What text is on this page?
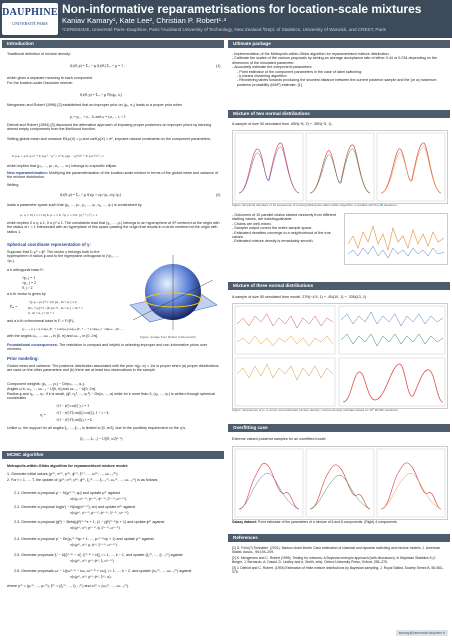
DAUPHINE
UNIVERSITÉ PARIS
Non-informative reparametrisations for location-scale mixtures
Kaniav Kamary¹, Kate Lee², Christian P. Robert¹·³
¹CEREMADE, Université Paris–Dauphine, Paris ²Auckland University of Technology, New Zealand ³Dept. of Statistics, University of Warwick, and CREST, Paris
Introduction
Traditional definition of mixture density:
f(x|θ, p) = Σᵢ₌₁ᵏ pᵢ f(x|θᵢ) Σᵢ₌₁ᵏ pᵢ = 1 .	(1)
which gives a separate meaning to each component.
For the location-scale Gaussian mixture:
f(x|θ, p) = Σᵢ₌₁ᵏ pᵢ N(x|μᵢ, σᵢ)
Mengersen and Robert (1996) [2] established that an improper prior on (μ₁, σ₁) leads to a proper prior when
μᵢ = μᵢ₋₁ + σᵢ₋₁δᵢ and σᵢ = τᵢσᵢ₋₁, τᵢ < 1
Diebolt and Robert (1994) [3] discussed the alternative approach of imposing proper posteriors on improper priors by banning almost empty components from the likelihood function.
Setting global mean and variance Eθ,p(X) = μ and varθ,p(X) = σ², imposes natural constraints on the component parameters;
Σᵢ pᵢμᵢ = μ Σᵢ pᵢσᵢ² + Σᵢ pᵢμᵢ² − μ² = σ² Σᵢ pᵢ(μᵢ − μ)²/σ² + Σᵢ pᵢσᵢ²/σ² = 1
which implies that (μ₁, ..., μₖ, σ₁, ..., σₖ) belongs to a specific ellipse.
New reparametrisation: Modifying the parameterisation of the location-scale mixture in terms of the global mean and variance of the mixture distribution.
Writing
f(x|θ, p) = Σᵢ₌₁ᵏ pᵢ f(x|μ + σγᵢ/√pᵢ, σηᵢ/√pᵢ)	(2)
leads a parameter space such that (p₁, ..., pₖ, γ₁, ..., γₖ, η₁, ..., ηₖ) is constrained by
pᵢ, ηᵢ ≥ 0 (1 ≤ i ≤ k) Σᵢ pᵢ = 1 Σᵢ √pᵢ γᵢ = 0 Σᵢ {ηᵢ² + γᵢ²} = 1
which implies 0 ≤ ηᵢ ≤ 1, 0 ≤ γᵢ² ≤ 1. The constraints lead that (γ₁, ..., γₖ) belongs to an hypersphere of ℝᵏ centered at the origin with the radius of r = 1 intersected with an hyperplane of this space passing the origin that results in a circle centered at the origin with radius 1.
Spherical coordinate representation of γ:
Suppose that Σᵢ γᵢ² = ϕ². The vector γ belongs both to the hypersphere of radius ϕ and to the hyperplane orthogonal to (√p₁, ..., √pₖ).
a k orthogonal base Fᵢ:
√pᵢ, j = 1
√p₂, j = 2
0, j > 2
Figure: (image from Robert Calzonovich)
a k-th vector is given by
F̃ₘ =
−(p₁p₂...pₖ)^½ / (Σₗ pₗ) , m < k, j ≤ k
(Σₗ₌₁ᵏ pₗ)^½ / (Σ pₗ)^½ , m < k, j = m + 1
0 , m < k, j > m + 1
and a k-th orthonormal base is Fᵢ = Fᵢ/|Fᵢ|.
(γ₁, ..., γₖ) = ϕ cos(ω₁)F₁ + ϕ sin(ω₁)cos(ω₂)F₂ + ... + ϕ sin(ω₁)···sin(ωₖ₋₂)Fₖ₋₁
with the angles ω₁, ..., ωₖ₋₃ in [0, π] and ωₖ₋₂ in [0, 2π].
Foundational consequences: The restriction is compact and helpful in selecting improper and non-informative priors over mixtures.
Prior modeling:
Global mean and variance: The posterior distribution associated with the prior π(μ, σ) = 1/σ is proper when (a) proper distributions are used on the other parameters and (b) there are at least two observations in the sample.
Component weights: (p₁, ..., pₖ) ~ Dir(α₀, ..., α₀).
Angles ω's: ω₁, ..., ωₖ₋₃ ~ U[0, π] and ωₖ₋₂ ~ U[0, 2π].
Radius ϕ and η₁, ..., ηₖ: if k is small, (ϕ², η₁², ..., ηₖ²) ~ Dir(α, ..., α) while for k more than 3, (η₁, ..., ηₖ) is written through spherical coordinates
ηᵢ =
√(1 − ϕ²) cos(ξ₁), i = 1
√(1 − ϕ²) Πⱼ sin(ξⱼ) cos(ξᵢ), 1 < i < k
√(1 − ϕ²) Πⱼ sin(ξⱼ), i = k
Unlike ω, the support for all angles ξ₁, ..., ξₖ₋₁ is limited to [0, π/2], due to the positivity requirement on the ηᵢ's.
(ξ₁, ..., ξₖ₋₁) ~ U([0, π/2]ᵏ⁻¹)
MCMC algorithm
Metropolis-within-Gibbs algorithm for reparametrised mixture model:
1. Generate initial values (μ⁽⁰⁾, σ⁽⁰⁾, p⁽⁰⁾, ϕ⁽⁰⁾, ξ⁽⁰⁾, ..., ω⁽⁰⁾, ..., ωₖ₋₂⁽⁰⁾).
2. For t = 1, ..., T, the update of (μ⁽ᵗ⁾, σ⁽ᵗ⁾, p⁽ᵗ⁾, ϕ⁽ᵗ⁾, ξ₁⁽ᵗ⁾, ..., ξₖ₋₁⁽ᵗ⁾, ω₁⁽ᵗ⁾, ..., ωₖ₋₂⁽ᵗ⁾) is as follows;
2.1. Generate a proposal μ′ ~ N(μ⁽ᵗ⁻¹⁾, εμ) and update μ⁽ᵗ⁾ against
π(x|μ, σ⁽ᵗ⁻¹⁾, p⁽ᵗ⁻¹⁾, ϕ⁽ᵗ⁻¹⁾, ξ⁽ᵗ⁻¹⁾, ω⁽ᵗ⁻¹⁾).
2.2. Generate a proposal log(σ′) ~ N(log(σ⁽ᵗ⁻¹⁾), εσ) and update σ⁽ᵗ⁾ against
π(x|μ⁽ᵗ⁾, σ⁽ᵗ⁻¹⁾, p⁽ᵗ⁻¹⁾, ϕ⁽ᵗ⁻¹⁾, ξ⁽ᵗ⁻¹⁾, ω⁽ᵗ⁻¹⁾).
2.3. Generate a proposal (ϕ²)′ ~ Beta((ϕ²)⁽ᵗ⁻¹⁾ε + 1, (1 − (ϕ²)⁽ᵗ⁻¹⁾)ε + 1) and update ϕ⁽ᵗ⁾ against
π(x|μ⁽ᵗ⁾, σ⁽ᵗ⁾, p⁽ᵗ⁻¹⁾, ϕ, ξ⁽ᵗ⁻¹⁾, ω⁽ᵗ⁻¹⁾).
2.4. Generate a proposal p′ ~ Dir(p₁⁽ᵗ⁻¹⁾εp + 1, ..., pₖ⁽ᵗ⁻¹⁾εp + 1) and update p⁽ᵗ⁾ against
π(x|μ⁽ᵗ⁾, σ⁽ᵗ⁾, p, ϕ⁽ᵗ⁾, ξ⁽ᵗ⁻¹⁾, ω⁽ᵗ⁻¹⁾).
2.5. Generate proposals ξᵢ′ ~ U[ξᵢ⁽ᵗ⁻¹⁾ − εξ, ξᵢ⁽ᵗ⁻¹⁾ + εξ], i = 1, ..., k − 1, and update (ξ₁⁽ᵗ⁾, ..., ξₖ₋₁⁽ᵗ⁾) against
π(x|μ⁽ᵗ⁾, σ⁽ᵗ⁾, p⁽ᵗ⁾, ϕ⁽ᵗ⁾, ξ, ω⁽ᵗ⁻¹⁾).
2.6. Generate proposals ωᵢ′ ~ U[ωᵢ⁽ᵗ⁻¹⁾ − εω, ωᵢ⁽ᵗ⁻¹⁾ + εω], i = 1, ..., k − 2, and update (ω₁⁽ᵗ⁾, ..., ωₖ₋₂⁽ᵗ⁾) against
π(x|μ⁽ᵗ⁾, σ⁽ᵗ⁾, p⁽ᵗ⁾, ϕ⁽ᵗ⁾, ξ⁽ᵗ⁾, ω).
where p⁽ᵗ⁾ = (p₁⁽ᵗ⁾, ..., pₖ⁽ᵗ⁾), ξ⁽ᵗ⁾ = (ξ₁⁽ᵗ⁾, ..., ξₖ₋₁⁽ᵗ⁾) and ω⁽ᵗ⁾ = (ω₁⁽ᵗ⁾, ..., ωₖ₋₂⁽ᵗ⁾).
Ultimate package
- Implementation of the Metropolis-within-Gibbs algorithm for reparametrised mixture distribution.
- Calibrate the scales of the various proposals by aiming an average acceptance rate of either 0.44 or 0.234 depending on the dimension of the simulated parameter.
- Accurately estimate the component parameters:
- Point estimator of the component parameters in the case of label switching:
- k-means clustering algorithm.
- Reordering labels towards producing the shortest distance between the current posterior sample and the (or a) maximum posterior probability (MAP) estimate. [1]
Mixture of two normal distributions
A sample of size 50 simulated from .65N(−8, 2) + .35N(−5, 1).
Figure: Empirical densities of 10 sequences of running Metropolis-within-Gibbs algorithm in parallel with 5e+05 iterations.
- Outcomes of 10 parallel chains started randomly from different starting values, are indistinguishable.
- Chains are well-mixed.
- Sampler output covers the entire sample space.
- Estimated densities converge to a neighborhood of the true values.
- Estimated mixture density is remarkably smooth.
Mixture of three normal distributions
A sample of size 50 simulated from model .27N(−4.5, 1) + .4N(10, 1) + .33N(13, 1)
Figure: Sequences of μᵢ, σᵢ and pᵢ and estimated mixture density; mixture density estimate based on 10⁵ MCMC iterations.
Overfitting case
Extreme valued posterior samples for an overfitted model.
Galaxy dataset: Point estimator of the parameters of a mixture of 6 and 8 components. (Right) 4 components.
References
[1] G. Folio(?) Schnatter. (2001). Markov chain Monte Carlo estimation of classical and dynamic switching and mixture models. J. American Statist. Assoc., 96:194–209.
[2] K. Mengersen and C. Robert (1996). Testing for mixtures: A Bayesian entropic approach (with discussion). In Bayesian Statistics 5 (J. Berger, J. Bernardo, A. Dawid, D. Lindley and A. Smith, eds). Oxford University Press, Oxford, 255–276.
[3] J. Diebolt and C. Robert. (1994) Estimation of finite mixture distributions by Bayesian sampling. J. Royal Statist. Society Series B, 56:363–375.
kamary@ceremade.dauphine.fr
